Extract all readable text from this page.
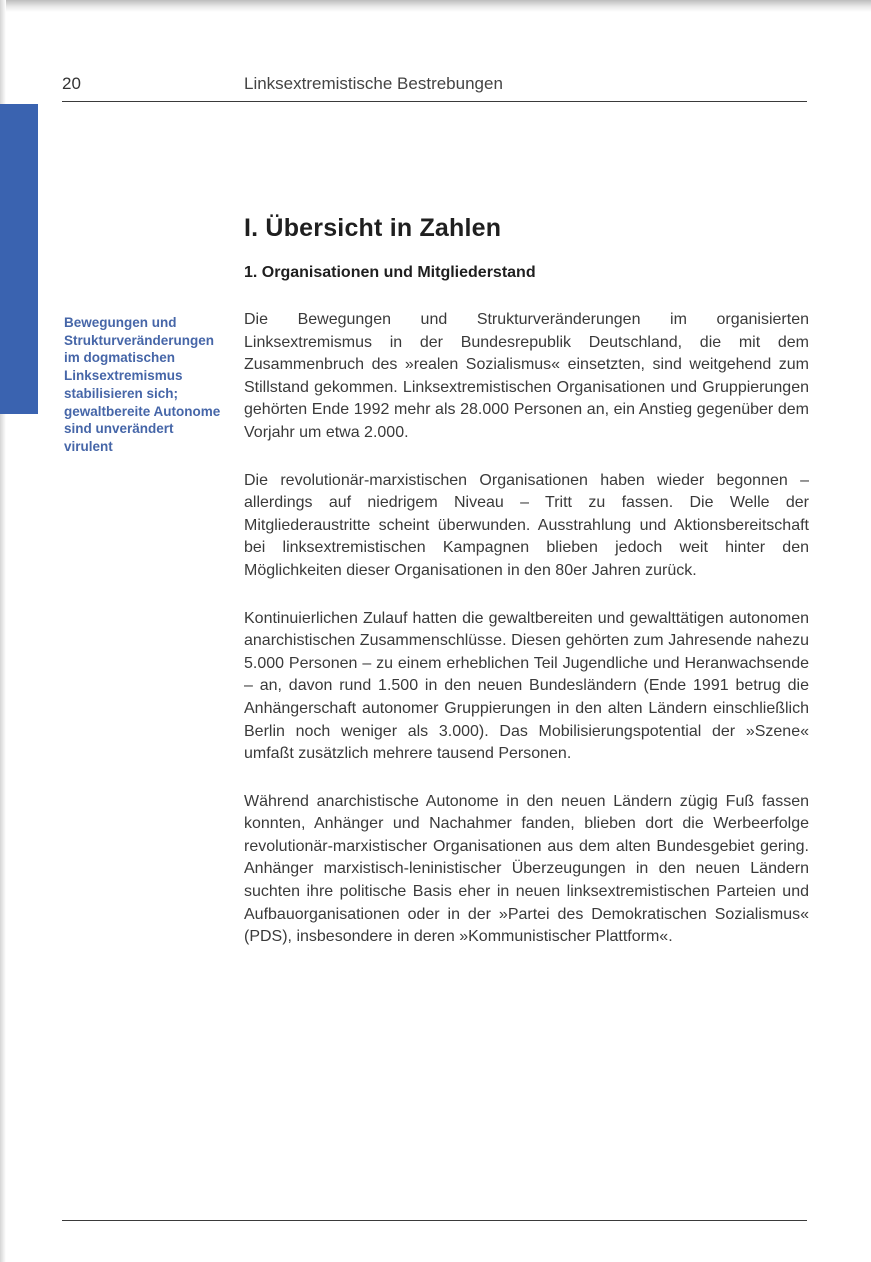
20	Linksextremistische Bestrebungen
I. Übersicht in Zahlen
1. Organisationen und Mitgliederstand

Bewegungen und Strukturveränderungen im dogmatischen Linksextremismus stabilisieren sich; gewaltbereite Autonome sind unverändert virulent

Die Bewegungen und Strukturveränderungen im organisierten Linksextremismus in der Bundesrepublik Deutschland, die mit dem Zusammenbruch des »realen Sozialismus« einsetzten, sind weitgehend zum Stillstand gekommen. Linksextremistischen Organisationen und Gruppierungen gehörten Ende 1992 mehr als 28.000 Personen an, ein Anstieg gegenüber dem Vorjahr um etwa 2.000.

Die revolutionär-marxistischen Organisationen haben wieder begonnen – allerdings auf niedrigem Niveau – Tritt zu fassen. Die Welle der Mitgliederaustritte scheint überwunden. Ausstrahlung und Aktionsbereitschaft bei linksextremistischen Kampagnen blieben jedoch weit hinter den Möglichkeiten dieser Organisationen in den 80er Jahren zurück.

Kontinuierlichen Zulauf hatten die gewaltbereiten und gewalttätigen autonomen anarchistischen Zusammenschlüsse. Diesen gehörten zum Jahresende nahezu 5.000 Personen – zu einem erheblichen Teil Jugendliche und Heranwachsende – an, davon rund 1.500 in den neuen Bundesländern (Ende 1991 betrug die Anhängerschaft autonomer Gruppierungen in den alten Ländern einschließlich Berlin noch weniger als 3.000). Das Mobilisierungspotential der »Szene« umfaßt zusätzlich mehrere tausend Personen.

Während anarchistische Autonome in den neuen Ländern zügig Fuß fassen konnten, Anhänger und Nachahmer fanden, blieben dort die Werbeerfolge revolutionär-marxistischer Organisationen aus dem alten Bundesgebiet gering. Anhänger marxistisch-leninistischer Überzeugungen in den neuen Ländern suchten ihre politische Basis eher in neuen linksextremistischen Parteien und Aufbauorganisationen oder in der »Partei des Demokratischen Sozialismus« (PDS), insbesondere in deren »Kommunistischer Plattform«.
